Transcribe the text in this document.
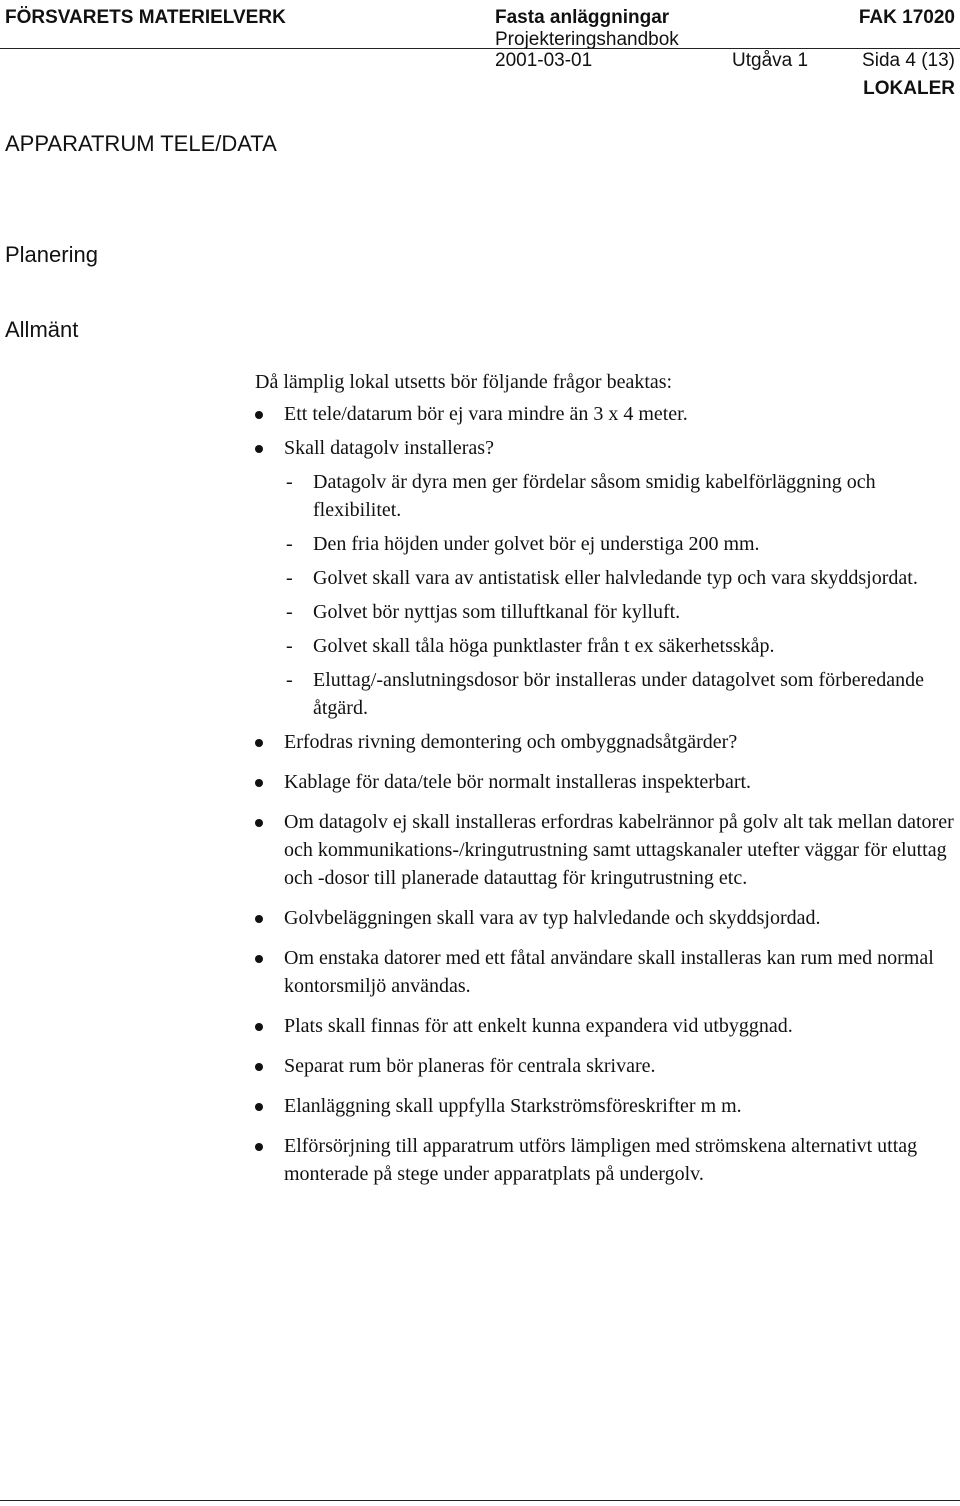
FÖRSVARETS MATERIELVERK	Fasta anläggningar	FAK 17020
Projekteringshandbok
2001-03-01	Utgåva 1	Sida 4 (13)
LOKALER
APPARATRUM TELE/DATA
Planering
Allmänt

Då lämplig lokal utsetts bör följande frågor beaktas:

Ett tele/datarum bör ej vara mindre än 3 x 4 meter.
Skall datagolv installeras?
- Datagolv är dyra men ger fördelar såsom smidig kabelförläggning och flexibilitet.
- Den fria höjden under golvet bör ej understiga 200 mm.
- Golvet skall vara av antistatisk eller halvledande typ och vara skyddsjordat.
- Golvet bör nyttjas som tilluftkanal för kylluft.
- Golvet skall tåla höga punktlaster från t ex säkerhetsskåp.
- Eluttag/-anslutningsdosor bör installeras under datagolvet som förberedande åtgärd.
Erfodras rivning demontering och ombyggnadsåtgärder?
Kablage för data/tele bör normalt installeras inspekterbart.
Om datagolv ej skall installeras erfordras kabelrännor på golv alt tak mellan datorer och kommunikations-/kringutrustning samt uttagskanaler utefter väggar för eluttag och -dosor till planerade datauttag för kringutrustning etc.
Golvbeläggningen skall vara av typ halvledande och skyddsjordad.
Om enstaka datorer med ett fåtal användare skall installeras kan rum med normal kontorsmiljö användas.
Plats skall finnas för att enkelt kunna expandera vid utbyggnad.
Separat rum bör planeras för centrala skrivare.
Elanläggning skall uppfylla Starkströmsföreskrifter m m.
Elförsörjning till apparatrum utförs lämpligen med strömskena alternativt uttag monterade på stege under apparatplats på undergolv.
